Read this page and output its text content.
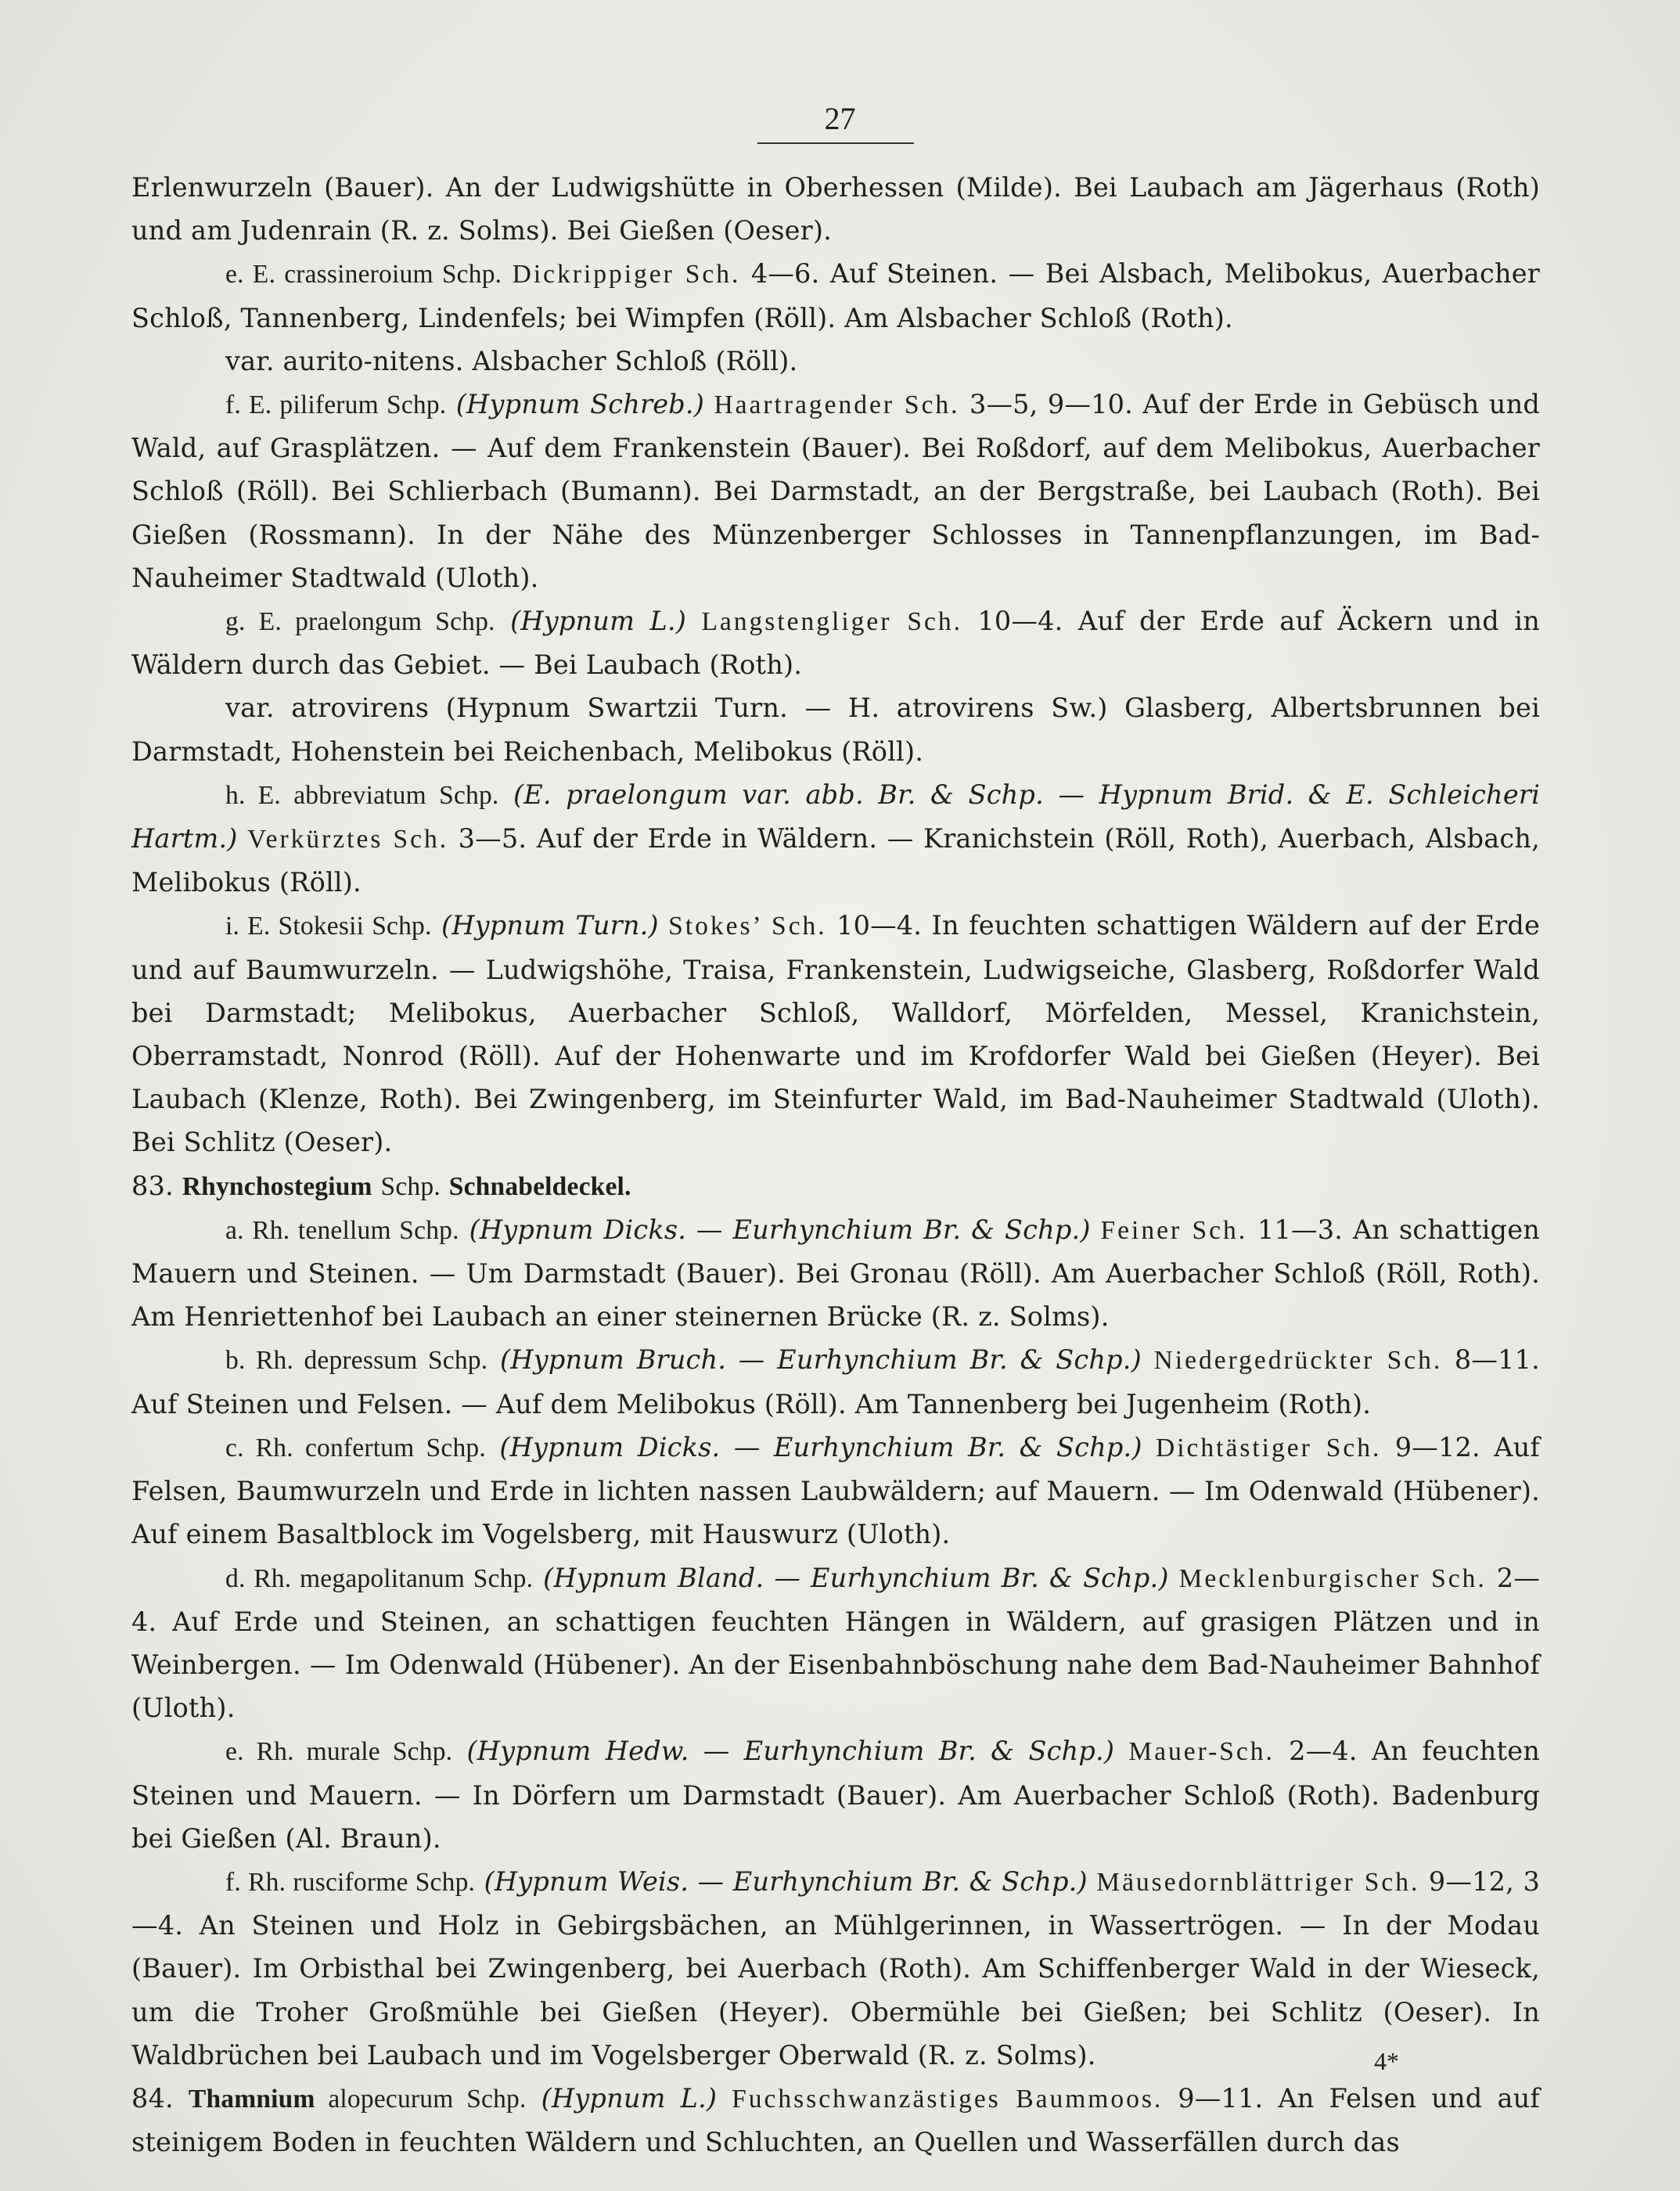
27

Erlenwurzeln (Bauer). An der Ludwigshütte in Oberhessen (Milde). Bei Laubach am Jägerhaus (Roth) und am Judenrain (R. z. Solms). Bei Gießen (Oeser).

e. E. crassineroium Schp. Dickrippiger Sch. 4—6. Auf Steinen. — Bei Alsbach, Melibokus, Auerbacher Schloß, Tannenberg, Lindenfels; bei Wimpfen (Röll). Am Alsbacher Schloß (Roth).

var. aurito-nitens. Alsbacher Schloß (Röll).

f. E. piliferum Schp. (Hypnum Schreb.) Haartragender Sch. 3—5, 9—10. Auf der Erde in Gebüsch und Wald, auf Grasplätzen. — Auf dem Frankenstein (Bauer). Bei Roßdorf, auf dem Melibokus, Auerbacher Schloß (Röll). Bei Schlierbach (Bumann). Bei Darmstadt, an der Bergstraße, bei Laubach (Roth). Bei Gießen (Rossmann). In der Nähe des Münzenberger Schlosses in Tannenpflanzungen, im Bad-Nauheimer Stadtwald (Uloth).

g. E. praelongum Schp. (Hypnum L.) Langstengliger Sch. 10—4. Auf der Erde auf Äckern und in Wäldern durch das Gebiet. — Bei Laubach (Roth).

var. atrovirens (Hypnum Swartzii Turn. — H. atrovirens Sw.) Glasberg, Albertsbrunnen bei Darmstadt, Hohenstein bei Reichenbach, Melibokus (Röll).

h. E. abbreviatum Schp. (E. praelongum var. abb. Br. & Schp. — Hypnum Brid. & E. Schleicheri Hartm.) Verkürztes Sch. 3—5. Auf der Erde in Wäldern. — Kranichstein (Röll, Roth), Auerbach, Alsbach, Melibokus (Röll).

i. E. Stokesii Schp. (Hypnum Turn.) Stokes’ Sch. 10—4. In feuchten schattigen Wäldern auf der Erde und auf Baumwurzeln. — Ludwigshöhe, Traisa, Frankenstein, Ludwigseiche, Glasberg, Roßdorfer Wald bei Darmstadt; Melibokus, Auerbacher Schloß, Walldorf, Mörfelden, Messel, Kranichstein, Oberramstadt, Nonrod (Röll). Auf der Hohenwarte und im Krofdorfer Wald bei Gießen (Heyer). Bei Laubach (Klenze, Roth). Bei Zwingenberg, im Steinfurter Wald, im Bad-Nauheimer Stadtwald (Uloth). Bei Schlitz (Oeser).

83. Rhynchostegium Schp. Schnabeldeckel.

a. Rh. tenellum Schp. (Hypnum Dicks. — Eurhynchium Br. & Schp.) Feiner Sch. 11—3. An schattigen Mauern und Steinen. — Um Darmstadt (Bauer). Bei Gronau (Röll). Am Auerbacher Schloß (Röll, Roth). Am Henriettenhof bei Laubach an einer steinernen Brücke (R. z. Solms).

b. Rh. depressum Schp. (Hypnum Bruch. — Eurhynchium Br. & Schp.) Niedergedrückter Sch. 8—11. Auf Steinen und Felsen. — Auf dem Melibokus (Röll). Am Tannenberg bei Jugenheim (Roth).

c. Rh. confertum Schp. (Hypnum Dicks. — Eurhynchium Br. & Schp.) Dichtästiger Sch. 9—12. Auf Felsen, Baumwurzeln und Erde in lichten nassen Laubwäldern; auf Mauern. — Im Odenwald (Hübener). Auf einem Basaltblock im Vogelsberg, mit Hauswurz (Uloth).

d. Rh. megapolitanum Schp. (Hypnum Bland. — Eurhynchium Br. & Schp.) Mecklenburgischer Sch. 2—4. Auf Erde und Steinen, an schattigen feuchten Hängen in Wäldern, auf grasigen Plätzen und in Weinbergen. — Im Odenwald (Hübener). An der Eisenbahnböschung nahe dem Bad-Nauheimer Bahnhof (Uloth).

e. Rh. murale Schp. (Hypnum Hedw. — Eurhynchium Br. & Schp.) Mauer-Sch. 2—4. An feuchten Steinen und Mauern. — In Dörfern um Darmstadt (Bauer). Am Auerbacher Schloß (Roth). Badenburg bei Gießen (Al. Braun).

f. Rh. rusciforme Schp. (Hypnum Weis. — Eurhynchium Br. & Schp.) Mäusedornblättriger Sch. 9—12, 3—4. An Steinen und Holz in Gebirgsbächen, an Mühlgerinnen, in Wassertrögen. — In der Modau (Bauer). Im Orbisthal bei Zwingenberg, bei Auerbach (Roth). Am Schiffenberger Wald in der Wieseck, um die Troher Großmühle bei Gießen (Heyer). Obermühle bei Gießen; bei Schlitz (Oeser). In Waldbrüchen bei Laubach und im Vogelsberger Oberwald (R. z. Solms).

84. Thamnium alopecurum Schp. (Hypnum L.) Fuchsschwanzästiges Baummoos. 9—11. An Felsen und auf steinigem Boden in feuchten Wäldern und Schluchten, an Quellen und Wasserfällen durch das

4*
